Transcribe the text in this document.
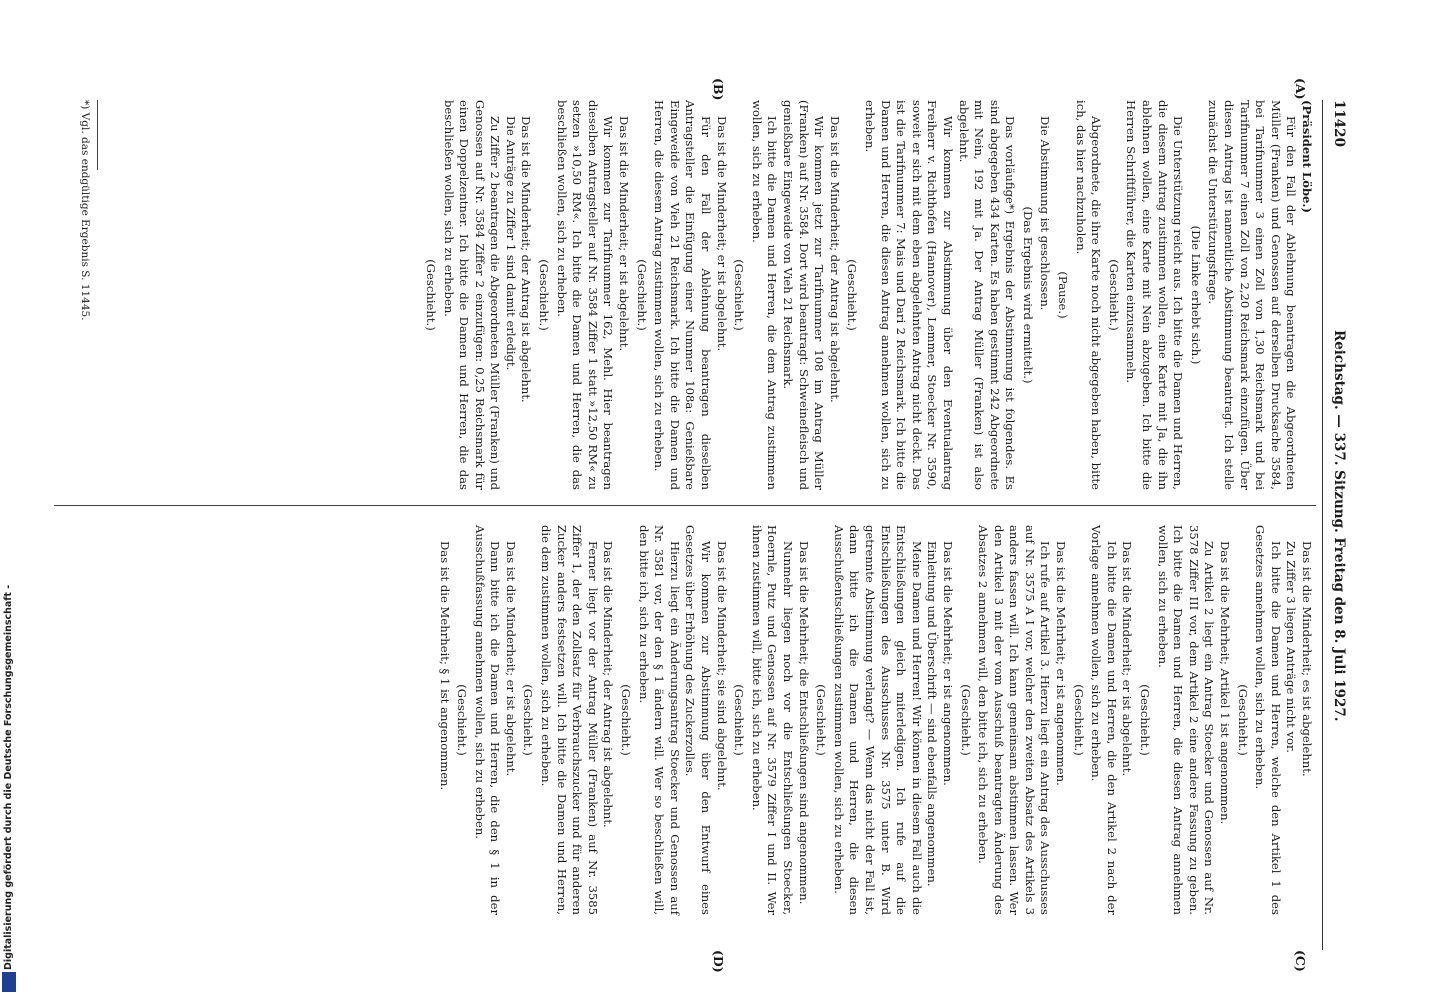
11420
Reichstag. — 337. Sitzung. Freitag den 8. Juli 1927.
(A)
(B)
(C)
(D)

(Präsident Löbe.)

Für den Fall der Ablehnung beantragen die Abgeordneten Müller (Franken) und Genossen auf derselben Drucksache 3584, bei Tarifnummer 3 einen Zoll von 1,30 Reichsmark und bei Tarifnummer 7 einen Zoll von 2,20 Reichsmark einzufügen. Über diesen Antrag ist namentliche Abstimmung beantragt. Ich stelle zunächst die Unterstützungsfrage.

(Die Linke erhebt sich.)

Die Unterstützung reicht aus. Ich bitte die Damen und Herren, die diesem Antrag zustimmen wollen, eine Karte mit Ja, die ihn ablehnen wollen, eine Karte mit Nein abzugeben. Ich bitte die Herren Schriftführer, die Karten einzusammeln.

(Geschieht.)

Abgeordnete, die ihre Karte noch nicht abgegeben haben, bitte ich, das hier nachzuholen.

(Pause.)

Die Abstimmung ist geschlossen.

(Das Ergebnis wird ermittelt.)

Das vorläufige*) Ergebnis der Abstimmung ist folgendes. Es sind abgegeben 434 Karten. Es haben gestimmt 242 Abgeordnete mit Nein, 192 mit Ja. Der Antrag Müller (Franken) ist also abgelehnt.

Wir kommen zur Abstimmung über den Eventualantrag Freiherr v. Richthofen (Hannover), Lemmer, Stoecker Nr. 3590, soweit er sich mit dem eben abgelehnten Antrag nicht deckt. Das ist die Tarifnummer 7: Mais und Dari 2 Reichsmark. Ich bitte die Damen und Herren, die diesen Antrag annehmen wollen, sich zu erheben.

(Geschieht.)

Das ist die Minderheit; der Antrag ist abgelehnt.

Wir kommen jetzt zur Tarifnummer 108 im Antrag Müller (Franken) auf Nr. 3584. Dort wird beantragt: Schweinefleisch und genießbare Eingeweide von Vieh 21 Reichsmark.

Ich bitte die Damen und Herren, die dem Antrag zustimmen wollen, sich zu erheben.

(Geschieht.)

Das ist die Minderheit; er ist abgelehnt.

Für den Fall der Ablehnung beantragen dieselben Antragsteller die Einfügung einer Nummer 108a: Genießbare Eingeweide von Vieh 21 Reichsmark. Ich bitte die Damen und Herren, die diesem Antrag zustimmen wollen, sich zu erheben.

(Geschieht.)

Das ist die Minderheit; er ist abgelehnt.

Wir kommen zur Tarifnummer 162, Mehl. Hier beantragen dieselben Antragsteller auf Nr. 3584 Ziffer 1 statt »12,50 RM« zu setzen »10,50 RM«. Ich bitte die Damen und Herren, die das beschließen wollen, sich zu erheben.

(Geschieht.)

Das ist die Minderheit; der Antrag ist abgelehnt.

Die Anträge zu Ziffer 1 sind damit erledigt.

Zu Ziffer 2 beantragen die Abgeordneten Müller (Franken) und Genossen auf Nr. 3584 Ziffer 2 einzufügen: 0,25 Reichsmark für einen Doppelzentner. Ich bitte die Damen und Herren, die das beschließen wollen, sich zu erheben.

(Geschieht.)

Das ist die Minderheit; es ist abgelehnt.

Zu Ziffer 3 liegen Anträge nicht vor.

Ich bitte die Damen und Herren, welche den Artikel 1 des Gesetzes annehmen wollen, sich zu erheben.

(Geschieht.)

Das ist die Mehrheit; Artikel 1 ist angenommen.

Zu Artikel 2 liegt ein Antrag Stoecker und Genossen auf Nr. 3578 Ziffer III vor, dem Artikel 2 eine andere Fassung zu geben. Ich bitte die Damen und Herren, die diesen Antrag annehmen wollen, sich zu erheben.

(Geschieht.)

Das ist die Minderheit; er ist abgelehnt.

Ich bitte die Damen und Herren, die den Artikel 2 nach der Vorlage annehmen wollen, sich zu erheben.

(Geschieht.)

Das ist die Mehrheit; er ist angenommen.

Ich rufe auf Artikel 3. Hierzu liegt ein Antrag des Ausschusses auf Nr. 3575 A I vor, welcher den zweiten Absatz des Artikels 3 anders fassen will. Ich kann gemeinsam abstimmen lassen. Wer den Artikel 3 mit der vom Ausschuß beantragten Änderung des Absatzes 2 annehmen will, den bitte ich, sich zu erheben.

(Geschieht.)

Das ist die Mehrheit; er ist angenommen.

Einleitung und Überschrift — sind ebenfalls angenommen.

Meine Damen und Herren! Wir können in diesem Fall auch die Entschließungen gleich miterledigen. Ich rufe auf die Entschließungen des Ausschusses Nr. 3575 unter B. Wird getrennte Abstimmung verlangt? — Wenn das nicht der Fall ist, dann bitte ich die Damen und Herren, die diesen Ausschußentschließungen zustimmen wollen, sich zu erheben.

(Geschieht.)

Das ist die Mehrheit; die Entschließungen sind angenommen.

Nunmehr liegen noch vor die Entschließungen Stoecker, Hoernle, Putz und Genossen auf Nr. 3579 Ziffer I und II. Wer ihnen zustimmen will, bitte ich, sich zu erheben.

(Geschieht.)

Das ist die Minderheit; sie sind abgelehnt.

Wir kommen zur Abstimmung über den Entwurf eines Gesetzes über Erhöhung des Zuckerzolles.

Hierzu liegt ein Änderungsantrag Stoecker und Genossen auf Nr. 3581 vor, der den § 1 ändern will. Wer so beschließen will, den bitte ich, sich zu erheben.

(Geschieht.)

Das ist die Minderheit; der Antrag ist abgelehnt.

Ferner liegt vor der Antrag Müller (Franken) auf Nr. 3585 Ziffer 1, der den Zollsatz für Verbrauchszucker und für anderen Zucker anders festsetzen will. Ich bitte die Damen und Herren, die dem zustimmen wollen, sich zu erheben.

(Geschieht.)

Das ist die Minderheit; er ist abgelehnt.

Dann bitte ich die Damen und Herren, die den § 1 in der Ausschußfassung annehmen wollen, sich zu erheben.

(Geschieht.)

Das ist die Mehrheit; § 1 ist angenommen.

*) Vgl. das endgültige Ergebnis S. 11445.
Digitalisierung gefördert durch die Deutsche Forschungsgemeinschaft -
